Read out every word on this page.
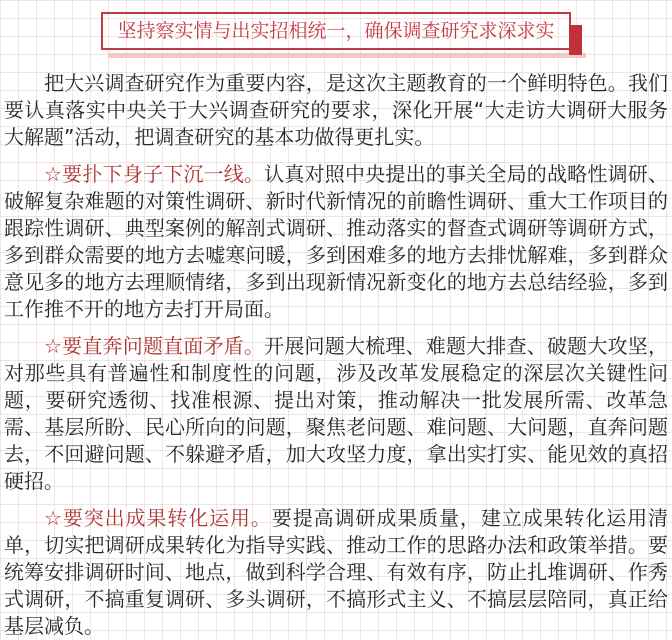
坚持察实情与出实招相统一，确保调查研究求深求实

把大兴调查研究作为重要内容，是这次主题教育的一个鲜明特色。我们要认真落实中央关于大兴调查研究的要求，深化开展“大走访大调研大服务大解题”活动，把调查研究的基本功做得更扎实。

☆要扑下身子下沉一线。认真对照中央提出的事关全局的战略性调研、破解复杂难题的对策性调研、新时代新情况的前瞻性调研、重大工作项目的跟踪性调研、典型案例的解剖式调研、推动落实的督查式调研等调研方式，多到群众需要的地方去嘘寒问暖，多到困难多的地方去排忧解难，多到群众意见多的地方去理顺情绪，多到出现新情况新变化的地方去总结经验，多到工作推不开的地方去打开局面。

☆要直奔问题直面矛盾。开展问题大梳理、难题大排查、破题大攻坚，对那些具有普遍性和制度性的问题，涉及改革发展稳定的深层次关键性问题，要研究透彻、找准根源、提出对策，推动解决一批发展所需、改革急需、基层所盼、民心所向的问题，聚焦老问题、难问题、大问题，直奔问题去，不回避问题、不躲避矛盾，加大攻坚力度，拿出实打实、能见效的真招硬招。

☆要突出成果转化运用。要提高调研成果质量，建立成果转化运用清单，切实把调研成果转化为指导实践、推动工作的思路办法和政策举措。要统筹安排调研时间、地点，做到科学合理、有效有序，防止扎堆调研、作秀式调研，不搞重复调研、多头调研，不搞形式主义、不搞层层陪同，真正给基层减负。
